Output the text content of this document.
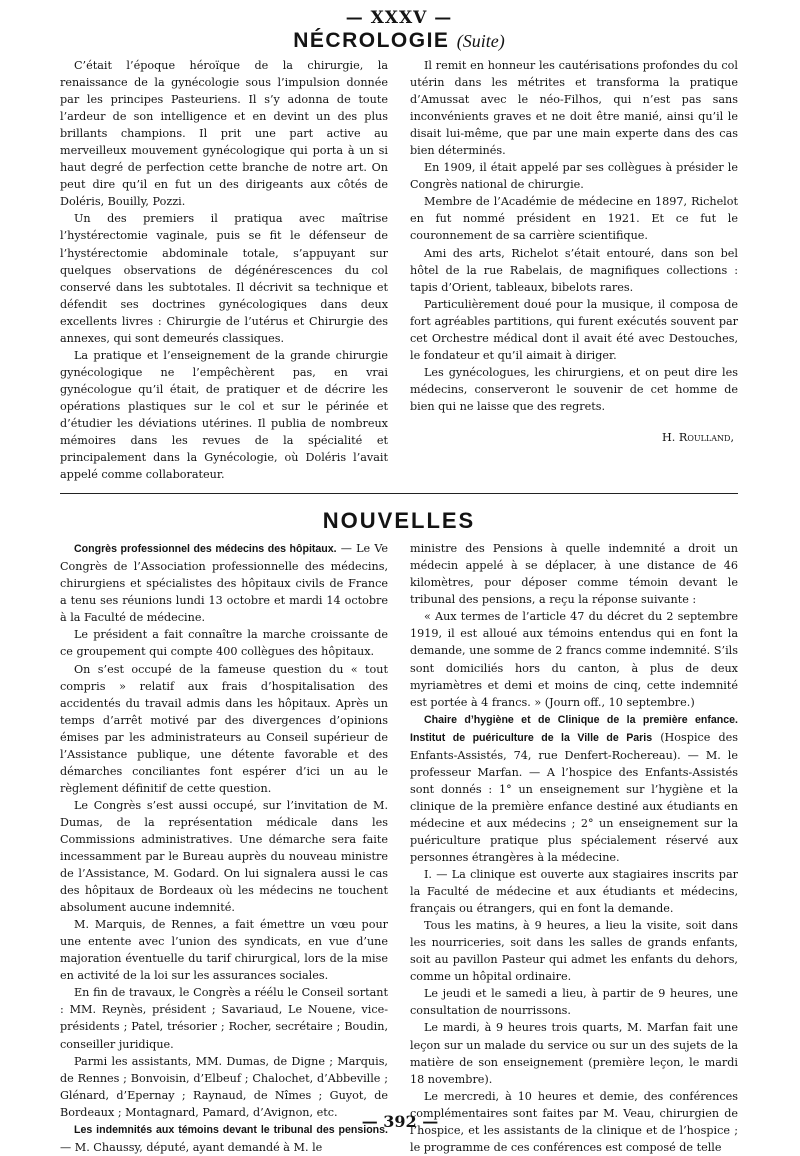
— XXXV —
NÉCROLOGIE (Suite)

C’était l’époque héroïque de la chirurgie, la renaissance de la gynécologie sous l’impulsion donnée par les principes Pasteuriens. Il s’y adonna de toute l’ardeur de son intelligence et en devint un des plus brillants champions. Il prit une part active au merveilleux mouvement gynécologique qui porta à un si haut degré de perfection cette branche de notre art. On peut dire qu’il en fut un des dirigeants aux côtés de Doléris, Bouilly, Pozzi.

Un des premiers il pratiqua avec maîtrise l’hystérectomie vaginale, puis se fit le défenseur de l’hystérectomie abdominale totale, s’appuyant sur quelques observations de dégénérescences du col conservé dans les subtotales. Il décrivit sa technique et défendit ses doctrines gynécologiques dans deux excellents livres : Chirurgie de l’utérus et Chirurgie des annexes, qui sont demeurés classiques.

La pratique et l’enseignement de la grande chirurgie gynécologique ne l’empêchèrent pas, en vrai gynécologue qu’il était, de pratiquer et de décrire les opérations plastiques sur le col et sur le périnée et d’étudier les déviations utérines. Il publia de nombreux mémoires dans les revues de la spécialité et principalement dans la Gynécologie, où Doléris l’avait appelé comme collaborateur.

Il remit en honneur les cautérisations profondes du col utérin dans les métrites et transforma la pratique d’Amussat avec le néo-Filhos, qui n’est pas sans inconvénients graves et ne doit être manié, ainsi qu’il le disait lui-même, que par une main experte dans des cas bien déterminés.

En 1909, il était appelé par ses collègues à présider le Congrès national de chirurgie.

Membre de l’Académie de médecine en 1897, Richelot en fut nommé président en 1921. Et ce fut le couronnement de sa carrière scientifique.

Ami des arts, Richelot s’était entouré, dans son bel hôtel de la rue Rabelais, de magnifiques collections : tapis d’Orient, tableaux, bibelots rares.

Particulièrement doué pour la musique, il composa de fort agréables partitions, qui furent exécutés souvent par cet Orchestre médical dont il avait été avec Destouches, le fondateur et qu’il aimait à diriger.

Les gynécologues, les chirurgiens, et on peut dire les médecins, conserveront le souvenir de cet homme de bien qui ne laisse que des regrets.

H. Roulland,

NOUVELLES

Congrès professionnel des médecins des hôpitaux. — Le Ve Congrès de l’Association professionnelle des médecins, chirurgiens et spécialistes des hôpitaux civils de France a tenu ses réunions lundi 13 octobre et mardi 14 octobre à la Faculté de médecine.

Le président a fait connaître la marche croissante de ce groupement qui compte 400 collègues des hôpitaux.

On s’est occupé de la fameuse question du « tout compris » relatif aux frais d’hospitalisation des accidentés du travail admis dans les hôpitaux. Après un temps d’arrêt motivé par des divergences d’opinions émises par les administrateurs au Conseil supérieur de l’Assistance publique, une détente favorable et des démarches conciliantes font espérer d’ici un au le règlement définitif de cette question.

Le Congrès s’est aussi occupé, sur l’invitation de M. Dumas, de la représentation médicale dans les Commissions administratives. Une démarche sera faite incessamment par le Bureau auprès du nouveau ministre de l’Assistance, M. Godard. On lui signalera aussi le cas des hôpitaux de Bordeaux où les médecins ne touchent absolument aucune indemnité.

M. Marquis, de Rennes, a fait émettre un vœu pour une entente avec l’union des syndicats, en vue d’une majoration éventuelle du tarif chirurgical, lors de la mise en activité de la loi sur les assurances sociales.

En fin de travaux, le Congrès a réélu le Conseil sortant : MM. Reynès, président ; Savariaud, Le Nouene, vice-présidents ; Patel, trésorier ; Rocher, secrétaire ; Boudin, conseiller juridique.

Parmi les assistants, MM. Dumas, de Digne ; Marquis, de Rennes ; Bonvoisin, d’Elbeuf ; Chalochet, d’Abbeville ; Glénard, d’Epernay ; Raynaud, de Nîmes ; Guyot, de Bordeaux ; Montagnard, Pamard, d’Avignon, etc.

Les indemnités aux témoins devant le tribunal des pensions. — M. Chaussy, député, ayant demandé à M. le

ministre des Pensions à quelle indemnité a droit un médecin appelé à se déplacer, à une distance de 46 kilomètres, pour déposer comme témoin devant le tribunal des pensions, a reçu la réponse suivante :

« Aux termes de l’article 47 du décret du 2 septembre 1919, il est alloué aux témoins entendus qui en font la demande, une somme de 2 francs comme indemnité. S’ils sont domiciliés hors du canton, à plus de deux myriamètres et demi et moins de cinq, cette indemnité est portée à 4 francs. » (Journ off., 10 septembre.)

Chaire d’hygiène et de Clinique de la première enfance. Institut de puériculture de la Ville de Paris (Hospice des Enfants-Assistés, 74, rue Denfert-Rochereau). — M. le professeur Marfan. — A l’hospice des Enfants-Assistés sont donnés : 1° un enseignement sur l’hygiène et la clinique de la première enfance destiné aux étudiants en médecine et aux médecins ; 2° un enseignement sur la puériculture pratique plus spécialement réservé aux personnes étrangères à la médecine.

I. — La clinique est ouverte aux stagiaires inscrits par la Faculté de médecine et aux étudiants et médecins, français ou étrangers, qui en font la demande.

Tous les matins, à 9 heures, a lieu la visite, soit dans les nourriceries, soit dans les salles de grands enfants, soit au pavillon Pasteur qui admet les enfants du dehors, comme un hôpital ordinaire.

Le jeudi et le samedi a lieu, à partir de 9 heures, une consultation de nourrissons.

Le mardi, à 9 heures trois quarts, M. Marfan fait une leçon sur un malade du service ou sur un des sujets de la matière de son enseignement (première leçon, le mardi 18 novembre).

Le mercredi, à 10 heures et demie, des conférences complémentaires sont faites par M. Veau, chirurgien de l’hospice, et les assistants de la clinique et de l’hospice ; le programme de ces conférences est composé de telle

— 392 —
